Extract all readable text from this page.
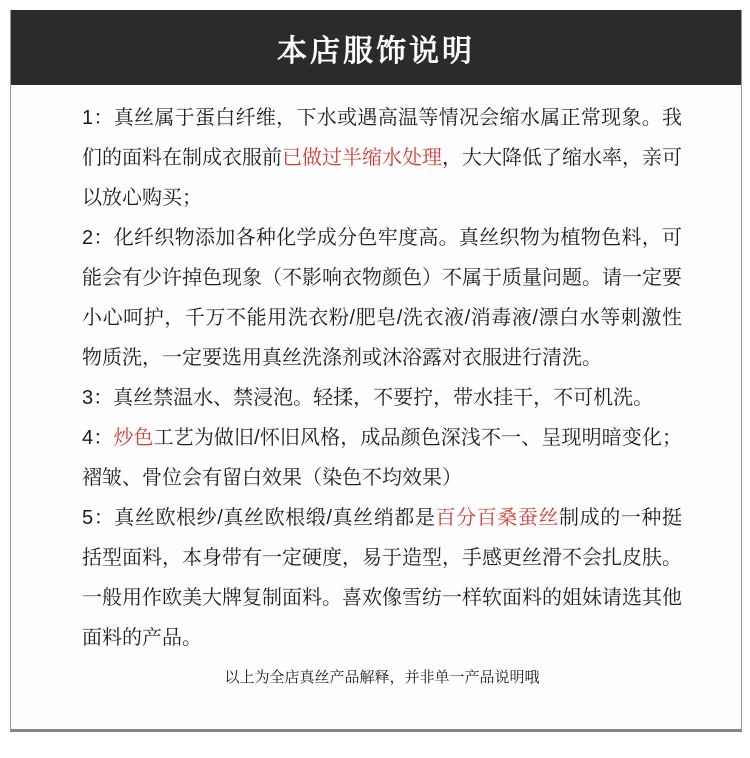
本店服饰说明

1：真丝属于蛋白纤维，下水或遇高温等情况会缩水属正常现象。我们的面料在制成衣服前已做过半缩水处理，大大降低了缩水率，亲可以放心购买；

2：化纤织物添加各种化学成分色牢度高。真丝织物为植物色料，可能会有少许掉色现象（不影响衣物颜色）不属于质量问题。请一定要小心呵护，千万不能用洗衣粉/肥皂/洗衣液/消毒液/漂白水等刺激性物质洗，一定要选用真丝洗涤剂或沐浴露对衣服进行清洗。

3：真丝禁温水、禁浸泡。轻揉，不要拧，带水挂干，不可机洗。

4：炒色工艺为做旧/怀旧风格，成品颜色深浅不一、呈现明暗变化；褶皱、骨位会有留白效果（染色不均效果）

5：真丝欧根纱/真丝欧根缎/真丝绡都是百分百桑蚕丝制成的一种挺括型面料，本身带有一定硬度，易于造型，手感更丝滑不会扎皮肤。一般用作欧美大牌复制面料。喜欢像雪纺一样软面料的姐妹请选其他面料的产品。

以上为全店真丝产品解释，并非单一产品说明哦
